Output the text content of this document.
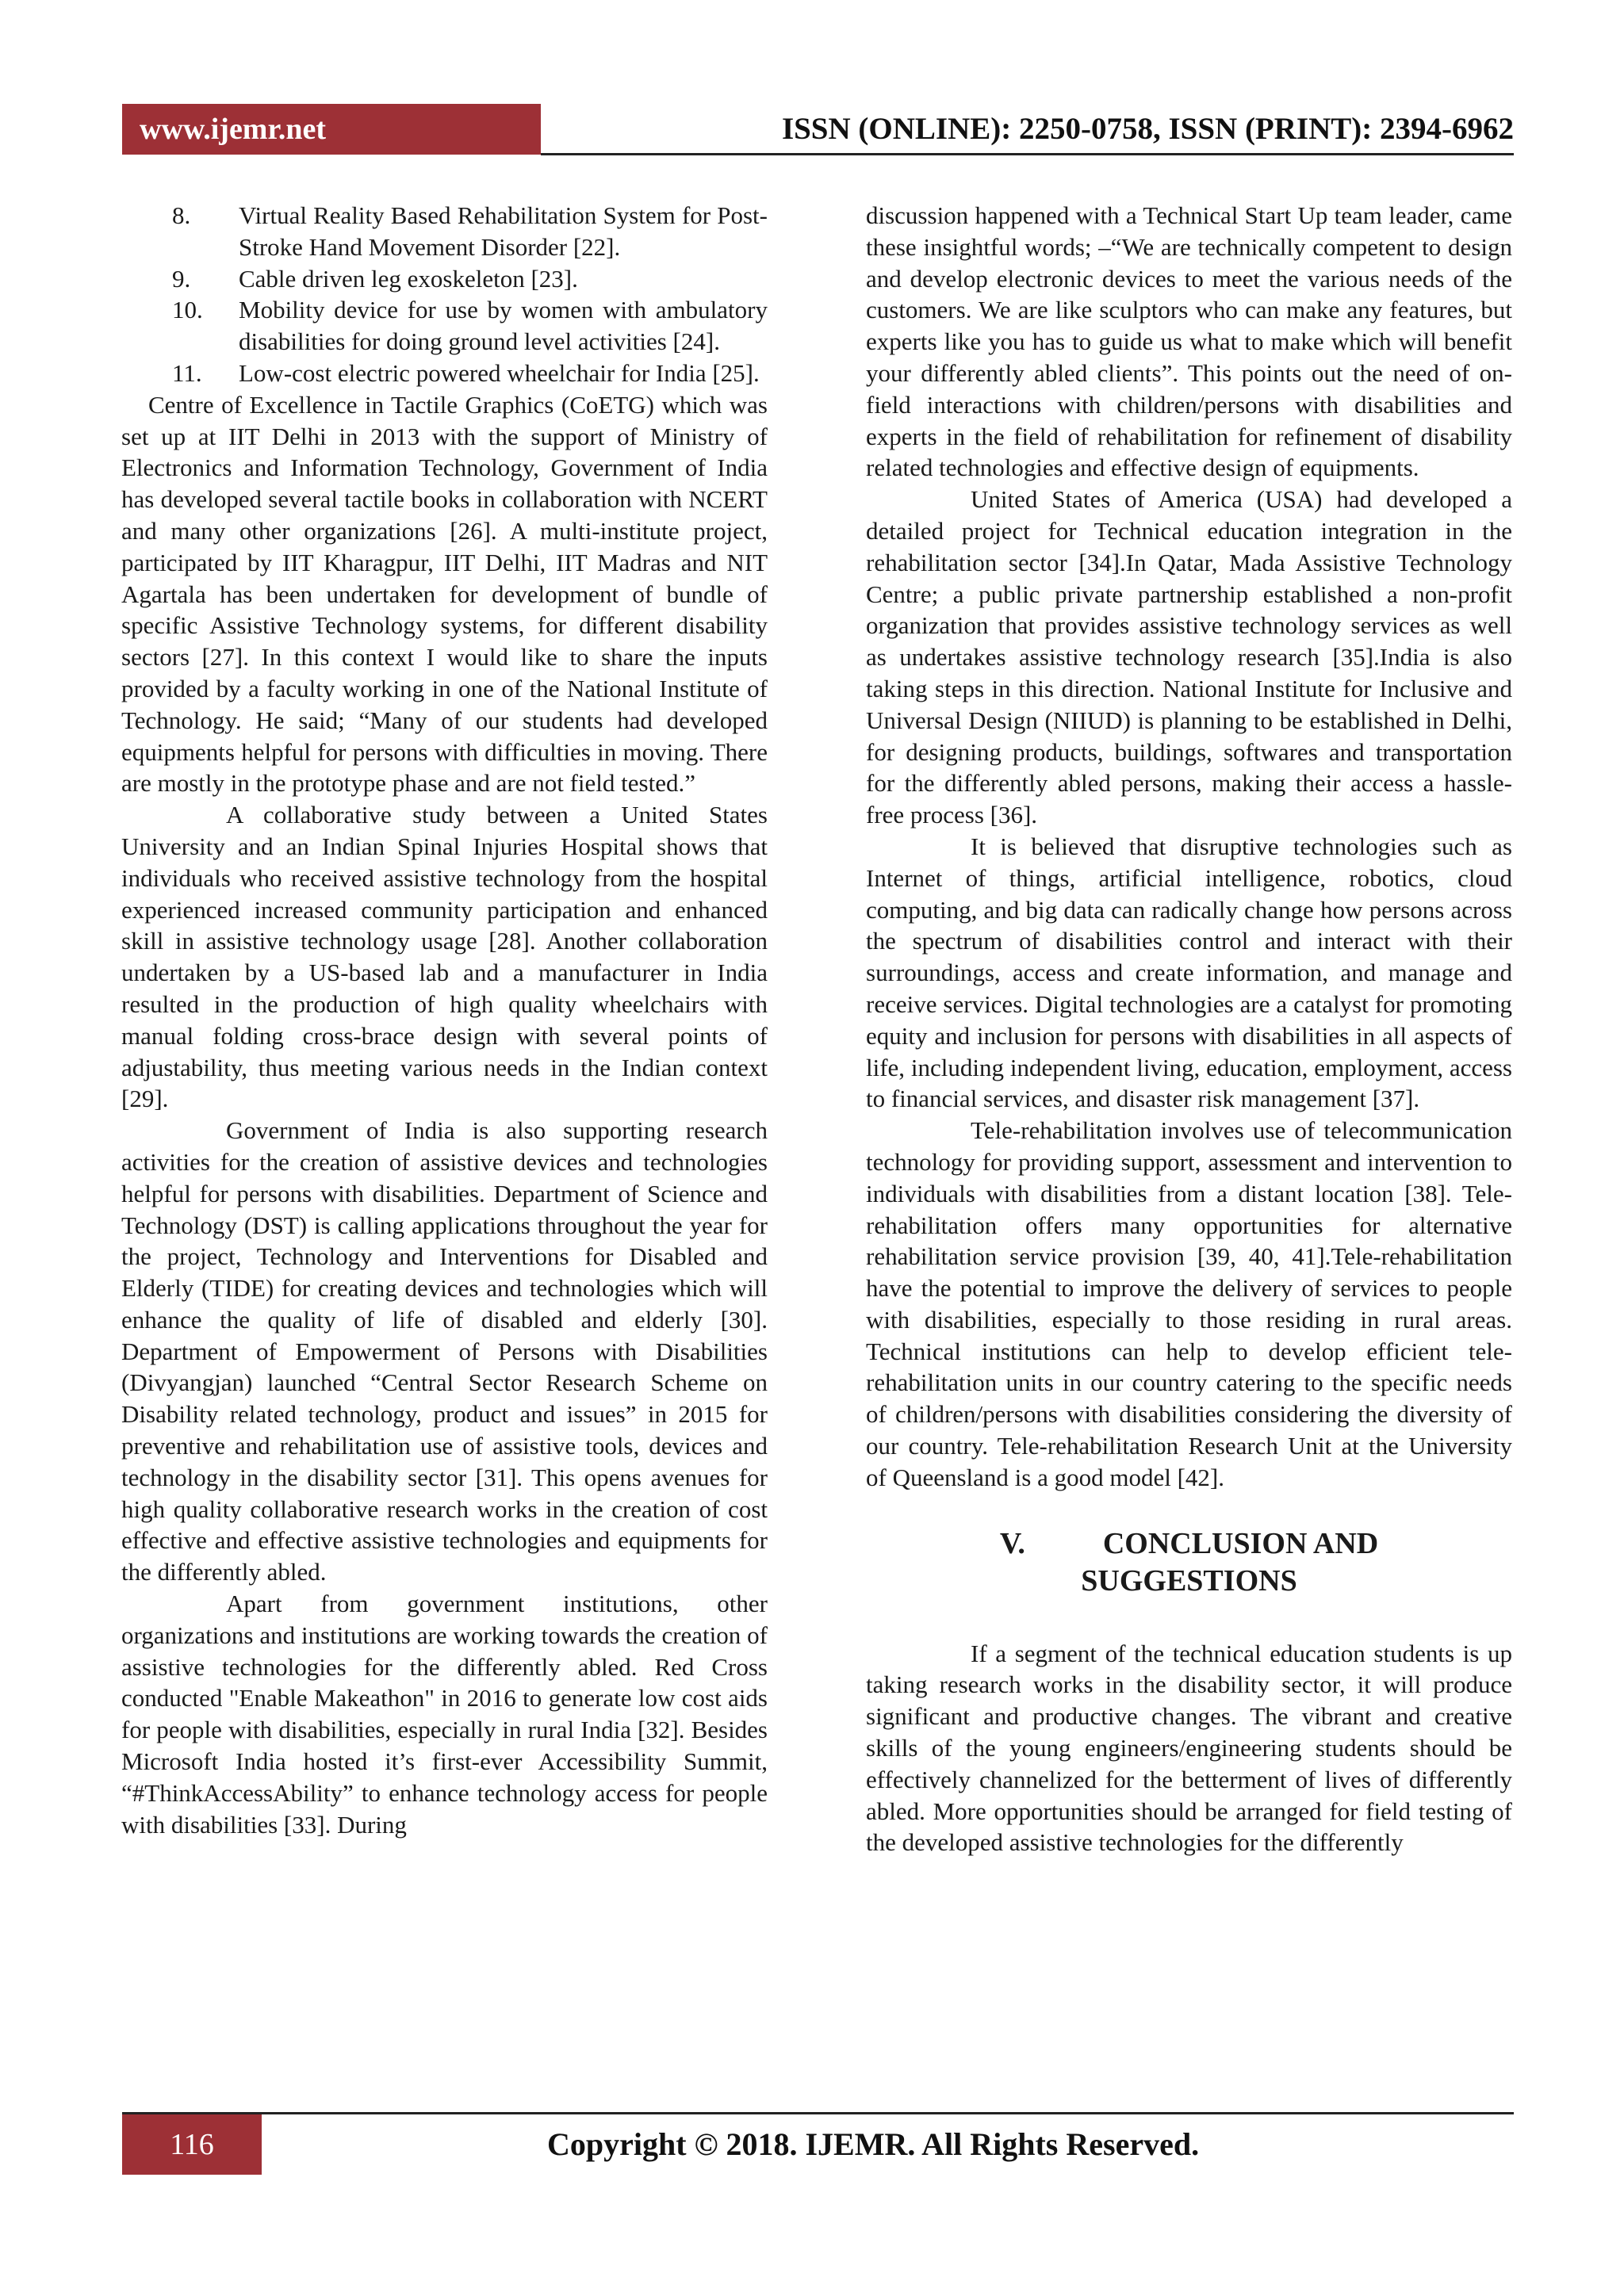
www.ijemr.net	ISSN (ONLINE): 2250-0758, ISSN (PRINT): 2394-6962
8.	Virtual Reality Based Rehabilitation System for Post-Stroke Hand Movement Disorder [22].
9.	Cable driven leg exoskeleton [23].
10.	Mobility device for use by women with ambulatory disabilities for doing ground level activities [24].
11.	Low-cost electric powered wheelchair for India [25].

Centre of Excellence in Tactile Graphics (CoETG) which was set up at IIT Delhi in 2013 with the support of Ministry of Electronics and Information Technology, Government of India has developed several tactile books in collaboration with NCERT and many other organizations [26]. A multi-institute project, participated by IIT Kharagpur, IIT Delhi, IIT Madras and NIT Agartala has been undertaken for development of bundle of specific Assistive Technology systems, for different disability sectors [27]. In this context I would like to share the inputs provided by a faculty working in one of the National Institute of Technology. He said; “Many of our students had developed equipments helpful for persons with difficulties in moving. There are mostly in the prototype phase and are not field tested.”

A collaborative study between a United States University and an Indian Spinal Injuries Hospital shows that individuals who received assistive technology from the hospital experienced increased community participation and enhanced skill in assistive technology usage [28]. Another collaboration undertaken by a US-based lab and a manufacturer in India resulted in the production of high quality wheelchairs with manual folding cross-brace design with several points of adjustability, thus meeting various needs in the Indian context [29].

Government of India is also supporting research activities for the creation of assistive devices and technologies helpful for persons with disabilities. Department of Science and Technology (DST) is calling applications throughout the year for the project, Technology and Interventions for Disabled and Elderly (TIDE) for creating devices and technologies which will enhance the quality of life of disabled and elderly [30]. Department of Empowerment of Persons with Disabilities (Divyangjan) launched “Central Sector Research Scheme on Disability related technology, product and issues” in 2015 for preventive and rehabilitation use of assistive tools, devices and technology in the disability sector [31]. This opens avenues for high quality collaborative research works in the creation of cost effective and effective assistive technologies and equipments for the differently abled.

Apart from government institutions, other organizations and institutions are working towards the creation of assistive technologies for the differently abled. Red Cross conducted "Enable Makeathon" in 2016 to generate low cost aids for people with disabilities, especially in rural India [32]. Besides Microsoft India hosted it’s first-ever Accessibility Summit, “#ThinkAccessAbility” to enhance technology access for people with disabilities [33]. During

discussion happened with a Technical Start Up team leader, came these insightful words; –“We are technically competent to design and develop electronic devices to meet the various needs of the customers. We are like sculptors who can make any features, but experts like you has to guide us what to make which will benefit your differently abled clients”. This points out the need of on-field interactions with children/persons with disabilities and experts in the field of rehabilitation for refinement of disability related technologies and effective design of equipments.

United States of America (USA) had developed a detailed project for Technical education integration in the rehabilitation sector [34].In Qatar, Mada Assistive Technology Centre; a public private partnership established a non-profit organization that provides assistive technology services as well as undertakes assistive technology research [35].India is also taking steps in this direction. National Institute for Inclusive and Universal Design (NIIUD) is planning to be established in Delhi, for designing products, buildings, softwares and transportation for the differently abled persons, making their access a hassle-free process [36].

It is believed that disruptive technologies such as Internet of things, artificial intelligence, robotics, cloud computing, and big data can radically change how persons across the spectrum of disabilities control and interact with their surroundings, access and create information, and manage and receive services. Digital technologies are a catalyst for promoting equity and inclusion for persons with disabilities in all aspects of life, including independent living, education, employment, access to financial services, and disaster risk management [37].

Tele-rehabilitation involves use of telecommunication technology for providing support, assessment and intervention to individuals with disabilities from a distant location [38]. Tele-rehabilitation offers many opportunities for alternative rehabilitation service provision [39, 40, 41].Tele-rehabilitation have the potential to improve the delivery of services to people with disabilities, especially to those residing in rural areas. Technical institutions can help to develop efficient tele-rehabilitation units in our country catering to the specific needs of children/persons with disabilities considering the diversity of our country. Tele-rehabilitation Research Unit at the University of Queensland is a good model [42].

V.	CONCLUSION AND
SUGGESTIONS

If a segment of the technical education students is up taking research works in the disability sector, it will produce significant and productive changes. The vibrant and creative skills of the young engineers/engineering students should be effectively channelized for the betterment of lives of differently abled. More opportunities should be arranged for field testing of the developed assistive technologies for the differently

116	Copyright © 2018. IJEMR. All Rights Reserved.
